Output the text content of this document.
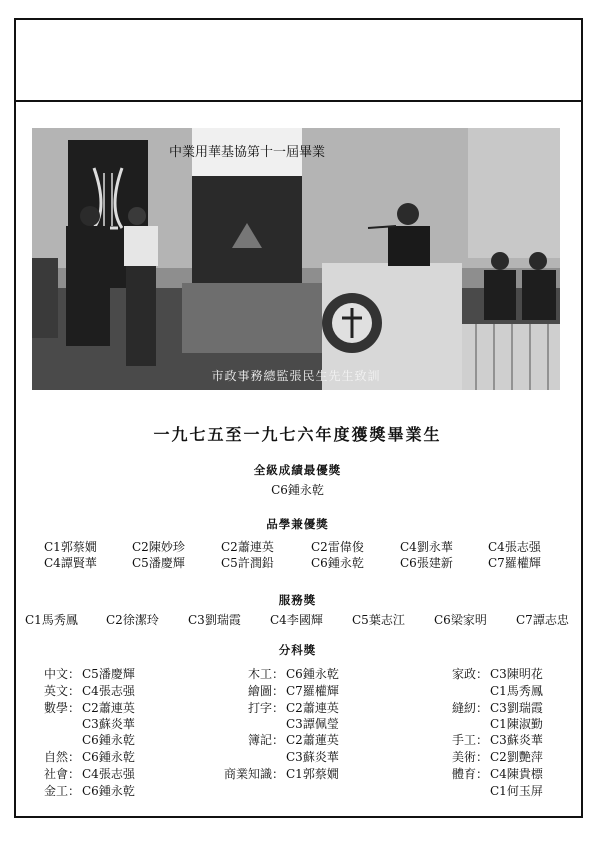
中業用華基協第十一屆畢業
市政事務總監張民生先生致訓
一九七五至一九七六年度獲獎畢業生
全級成績最優獎
C6鍾永乾
品學兼優獎
C1郭蔡嫺	C2陳妙珍	C2蕭連英	C2雷偉俊	C4劉永華	C4張志强
C4譚賢華	C5潘慶輝	C5許潤鉛	C6鍾永乾	C6張建新	C7羅權輝
服務獎
C1馬秀鳳 C2徐潔玲 C3劉瑞霞 C4李國輝 C5葉志江 C6梁家明 C7譚志忠
分科獎
中文： C5潘慶輝
英文： C4張志强
數學： C2蕭連英
C3蘇炎華
C6鍾永乾
自然： C6鍾永乾
社會： C4張志强
金工： C6鍾永乾
木工： C6鍾永乾
繪圖： C7羅權輝
打字： C2蕭連英
C3譚佩瑩
簿記： C2蕭蓮英
C3蘇炎華
商業知識： C1郭蔡嫺
家政： C3陳明花
C1馬秀鳳
縫紉： C3劉瑞霞
C1陳淑勤
手工： C3蘇炎華
美術： C2劉艷萍
體育： C4陳貴標
C1何玉屏
